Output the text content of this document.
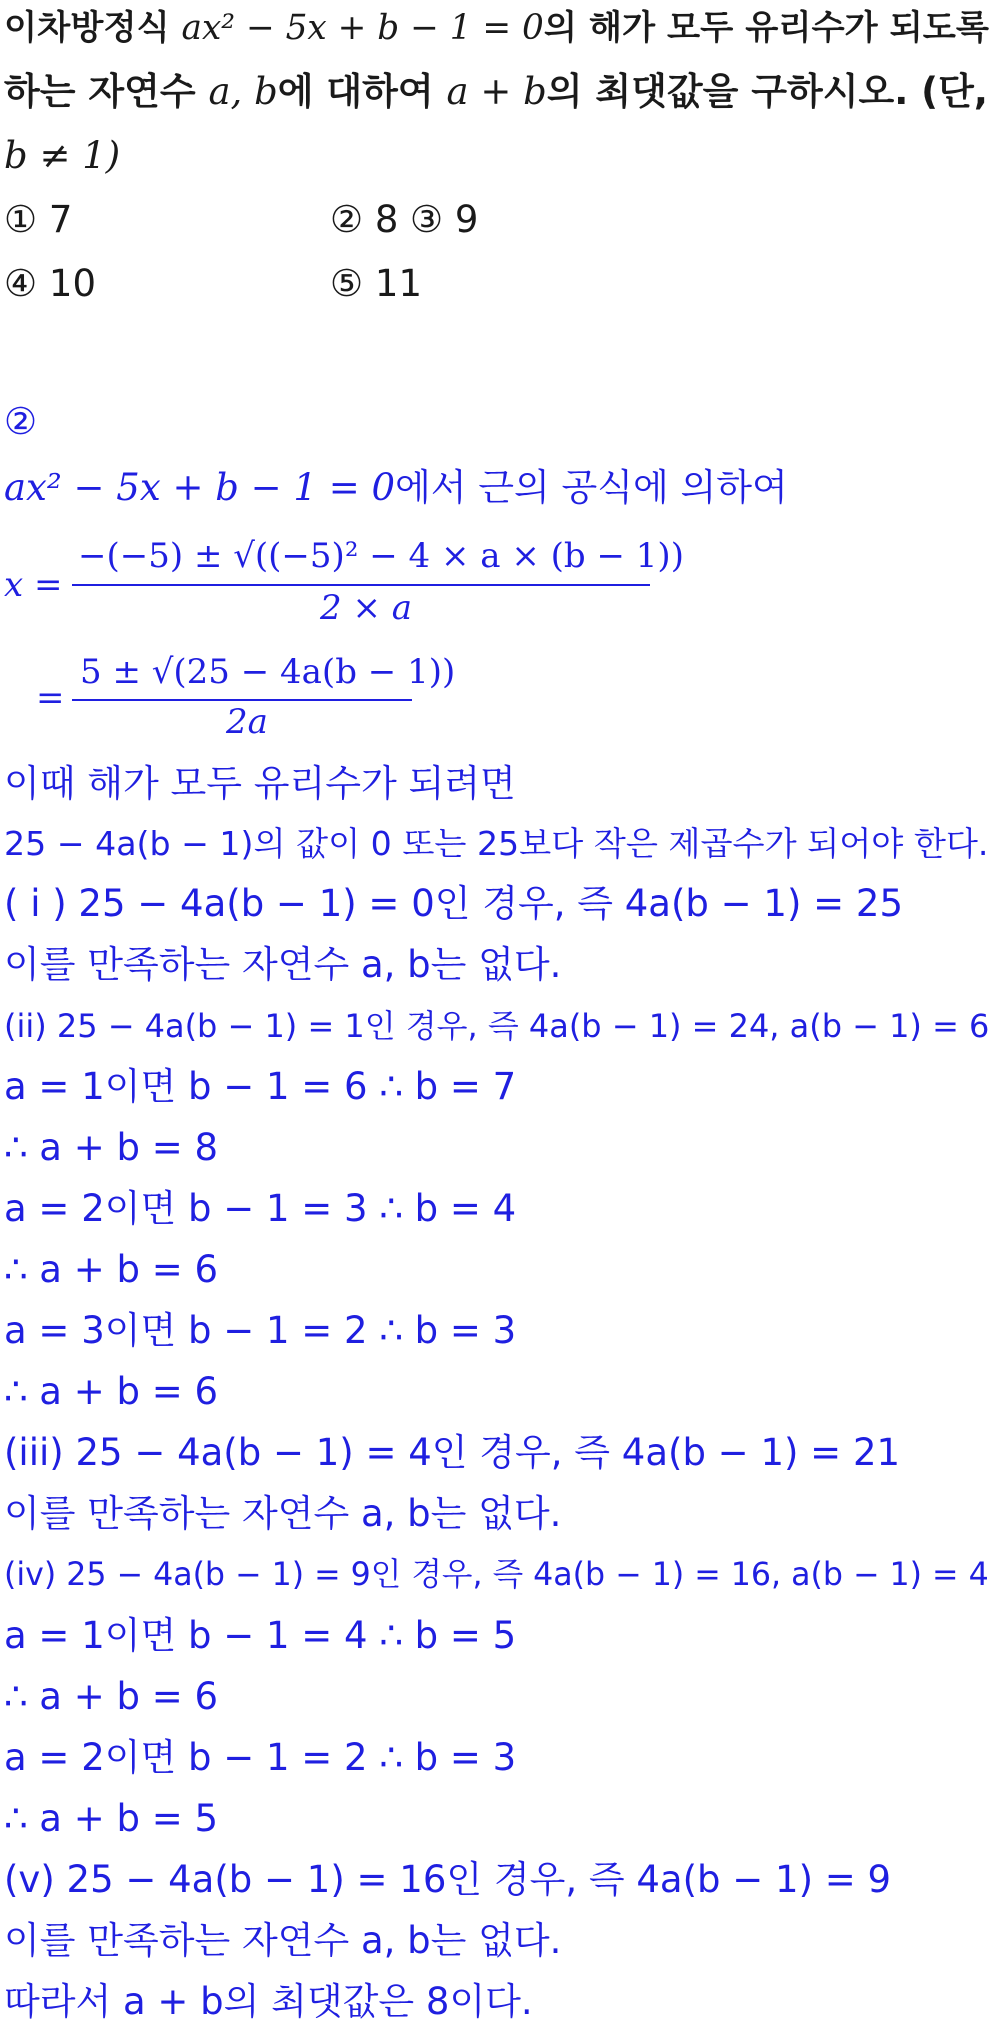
이차방정식 ax² − 5x + b − 1 = 0의 해가 모두 유리수가 되도록
하는 자연수 a, b에 대하여 a + b의 최댓값을 구하시오. (단,
b ≠ 1)
① 7	② 8 ③ 9
④ 10	⑤ 11
②
ax² − 5x + b − 1 = 0에서 근의 공식에 의하여
x =
−(−5) ± √((−5)² − 4 × a × (b − 1))
2 × a
=
5 ± √(25 − 4a(b − 1))
2a
이때 해가 모두 유리수가 되려면
25 − 4a(b − 1)의 값이 0 또는 25보다 작은 제곱수가 되어야 한다.
( i ) 25 − 4a(b − 1) = 0인 경우, 즉 4a(b − 1) = 25
이를 만족하는 자연수 a, b는 없다.
(ii) 25 − 4a(b − 1) = 1인 경우, 즉 4a(b − 1) = 24, a(b − 1) = 6
a = 1이면 b − 1 = 6 ∴ b = 7
∴ a + b = 8
a = 2이면 b − 1 = 3 ∴ b = 4
∴ a + b = 6
a = 3이면 b − 1 = 2 ∴ b = 3
∴ a + b = 6
(iii) 25 − 4a(b − 1) = 4인 경우, 즉 4a(b − 1) = 21
이를 만족하는 자연수 a, b는 없다.
(iv) 25 − 4a(b − 1) = 9인 경우, 즉 4a(b − 1) = 16, a(b − 1) = 4
a = 1이면 b − 1 = 4 ∴ b = 5
∴ a + b = 6
a = 2이면 b − 1 = 2 ∴ b = 3
∴ a + b = 5
(v) 25 − 4a(b − 1) = 16인 경우, 즉 4a(b − 1) = 9
이를 만족하는 자연수 a, b는 없다.
따라서 a + b의 최댓값은 8이다.
